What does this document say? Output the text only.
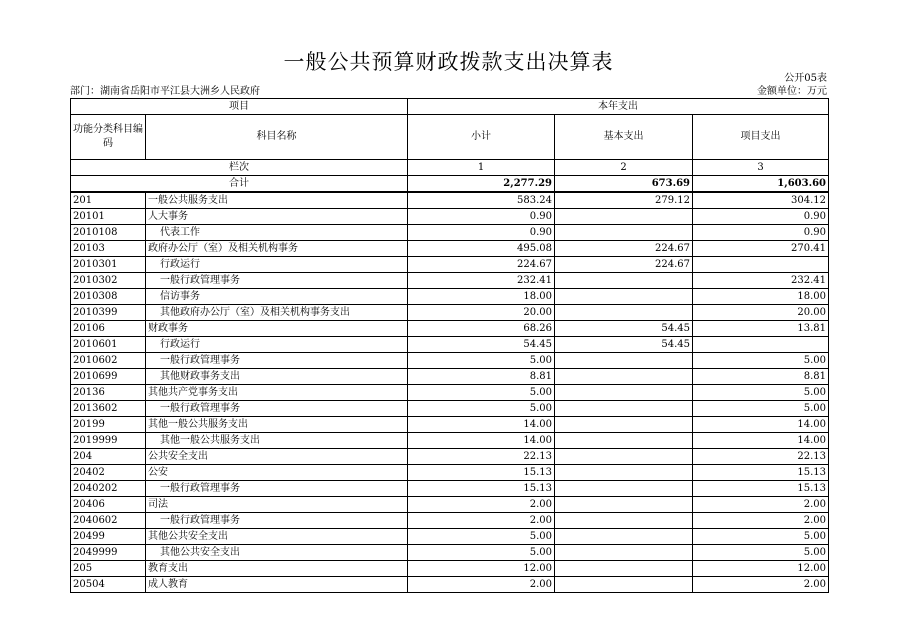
一般公共预算财政拨款支出决算表
公开05表
部门：湖南省岳阳市平江县大洲乡人民政府	金额单位：万元
项目		本年支出		
功能分类科目编码	科目名称	小计	基本支出	项目支出
栏次		1	2	3
合计		2,277.29	673.69	1,603.60
201	一般公共服务支出	583.24	279.12	304.12
20101	人大事务	0.90		0.90
2010108	代表工作	0.90		0.90
20103	政府办公厅（室）及相关机构事务	495.08	224.67	270.41
2010301	行政运行	224.67	224.67	
2010302	一般行政管理事务	232.41		232.41
2010308	信访事务	18.00		18.00
2010399	其他政府办公厅（室）及相关机构事务支出	20.00		20.00
20106	财政事务	68.26	54.45	13.81
2010601	行政运行	54.45	54.45	
2010602	一般行政管理事务	5.00		5.00
2010699	其他财政事务支出	8.81		8.81
20136	其他共产党事务支出	5.00		5.00
2013602	一般行政管理事务	5.00		5.00
20199	其他一般公共服务支出	14.00		14.00
2019999	其他一般公共服务支出	14.00		14.00
204	公共安全支出	22.13		22.13
20402	公安	15.13		15.13
2040202	一般行政管理事务	15.13		15.13
20406	司法	2.00		2.00
2040602	一般行政管理事务	2.00		2.00
20499	其他公共安全支出	5.00		5.00
2049999	其他公共安全支出	5.00		5.00
205	教育支出	12.00		12.00
20504	成人教育	2.00		2.00
